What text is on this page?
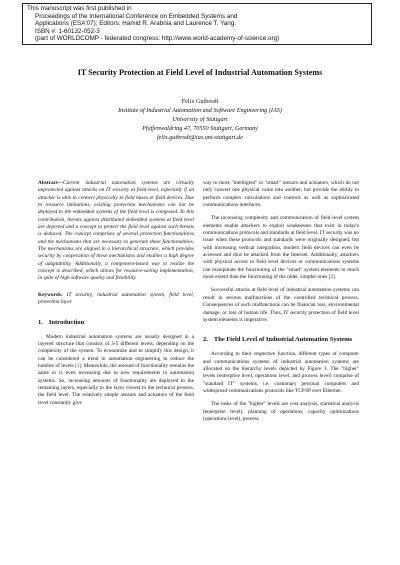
This manuscript was first published in
Proceedings of the International Conference on Embedded Systems and
Applications (ESA'07); Editors: Hamid R. Arabnia and Laurence T. Yang.
ISBN #: 1-60132-052-3
(part of WORLDCOMP - federated congress: http://www.world-academy-of-science.org)
IT Security Protection at Field Level of Industrial Automation Systems
Felix Gutbrodt
Institute of Industrial Automation and Software Engineering (IAS)
University of Stuttgart
Pfaffenwaldring 47, 70550 Stuttgart, Germany
felix.gutbrodt@ias.uni-stuttgart.de

Abstract—Current industrial automation systems are virtually unprotected against attacks on IT security at field level, especially if an attacker is able to connect physically to field buses or field devices. Due to resource limitations, existing protection mechanisms can not be deployed to the embedded systems of the field level is composed. In this contribution, threats against distributed embedded systems at field level are depicted and a concept to protect the field level against such threats is deduced. The concept comprises of several protection functionalities and the mechanisms that are necessary to generate these functionalities. The mechanisms are aligned in a hierarchical structure, which provides security by cooperation of these mechanisms and enables a high degree of adaptability. Additionally, a component-based way to realize the concept is described, which allows for resource-saving implementation, in spite of high software quality and flexibility.

Keywords: IT security, industrial automation system, field level, protection layer

1. Introduction

Modern industrial automation systems are usually designed in a layered structure that consists of 3-5 different levels, depending on the complexity of the system. To economize and to simplify this design, it can be considered a trend in automation engineering to reduce the number of levels [1]. Meanwhile, the amount of functionality remains the same or is even increasing due to new requirements to automation systems. So, increasing amounts of functionality are deployed to the remaining layers, especially to the layer closest to the technical process, the field level. The relatively simple sensors and actuators of the field level constantly give

way to more "intelligent" or "smart" sensors and actuators, which do not only convert one physical value into another, but provide the ability to perform complex calculations and controls as well as sophisticated communications interfaces.

The increasing complexity and communication of field level system elements enable attackers to exploit weaknesses that exist in today's communications protocols and standards at field level. IT security was no issue when these protocols and standards were originally designed, but with increasing vertical integration, modern field devices can even be accessed and thus be attacked from the Internet. Additionally, attackers with physical access to field level devices or communications systems can manipulate the functioning of the "smart" system elements to much more extent than the functioning of the older, simpler ones [2].

Successful attacks at field level of industrial automation systems can result in serious malfunctions of the controlled technical process. Consequences of such malfunctions can be financial loss, environmental damage, or loss of human life. Thus, IT security protection of field level system elements is imperative.

2. The Field Level of Industrial Automation Systems

According to their respective function, different types of computer and communications systems of industrial automation systems are allocated on the hierarchy levels depicted by Figure 1. The "higher" levels (enterprise level, operations level, and process level) comprise of "standard IT" systems, i.e. customary personal computers and widespread communications protocols like TCP/IP over Ethernet.

The tasks of the "higher" levels are cost analysis, statistical analysis (enterprise level), planning of operations, capacity optimizations (operations level), process
